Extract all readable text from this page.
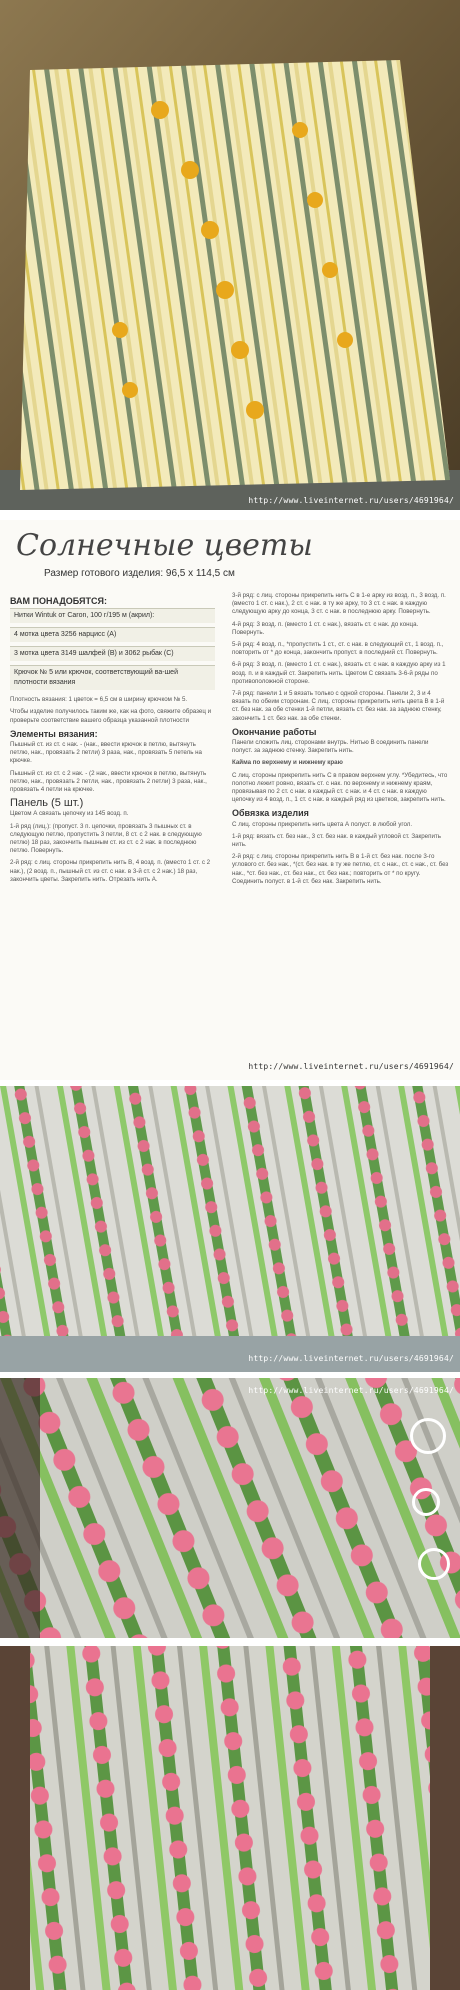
http://www.liveinternet.ru/users/4691964/
Солнечные цветы
Размер готового изделия: 96,5 х 114,5 см
ВАМ ПОНАДОБЯТСЯ:

Нитки Wintuk от Caron, 100 г/195 м (акрил):

4 мотка цвета 3256 нарцисс (А)

3 мотка цвета 3149 шалфей (В) и 3062 рыбак (С)

Крючок № 5 или крючок, соответствующий ва-шей плотности вязания

Плотность вязания: 1 цветок = 6,5 см в ширину крючком № 5.

Чтобы изделие получилось таким же, как на фото, свяжите образец и проверьте соответствие вашего образца указанной плотности

Элементы вязания:

Пышный ст. из ст. с нак. - (нак., ввести крючок в петлю, вытянуть петлю, нак., провязать 2 петли) 3 раза, нак., провязать 5 петель на крючке.

Пышный ст. из ст. с 2 нак. - (2 нак., ввести крючок в петлю, вытянуть петлю, нак., провязать 2 петли, нак., провязать 2 петли) 3 раза, нак., провязать 4 петли на крючке.

Панель (5 шт.)

Цветом А связать цепочку из 145 возд. п.

1-й ряд (лиц.): (пропуст. 3 п. цепочки, провязать 3 пышных ст. в следующую петлю, пропустить 3 петли, 8 ст. с 2 нак. в следующую петлю) 18 раз, закончить пышным ст. из ст. с 2 нак. в последнюю петлю. Повернуть.

2-й ряд: с лиц. стороны прикрепить нить В, 4 возд. п. (вместо 1 ст. с 2 нак.), (2 возд. п., пышный ст. из ст. с нак. в 3-й ст. с 2 нак.) 18 раз, закончить цветы. Закрепить нить. Отрезать нить А.

3-й ряд: с лиц. стороны прикрепить нить С в 1-е арку из возд. п., 3 возд. п. (вместо 1 ст. с нак.), 2 ст. с нак. в ту же арку, то 3 ст. с нак. в каждую следующую арку до конца, 3 ст. с нак. в последнюю арку. Повернуть.

4-й ряд: 3 возд. п. (вместо 1 ст. с нак.), вязать ст. с нак. до конца. Повернуть.

5-й ряд: 4 возд. п., *пропустить 1 ст., ст. с нак. в следующий ст., 1 возд. п., повторить от * до конца, закончить пропуст. в последний ст. Повернуть.

6-й ряд: 3 возд. п. (вместо 1 ст. с нак.), вязать ст. с нак. в каждую арку из 1 возд. п. и в каждый ст. Закрепить нить. Цветом С связать 3-6-й ряды по противоположной стороне.

7-й ряд: панели 1 и 5 вязать только с одной стороны. Панели 2, 3 и 4 вязать по обеим сторонам. С лиц. стороны прикрепить нить цвета В в 1-й ст. без нак. за обе стенки 1-й петли, вязать ст. без нак. за заднюю стенку, закончить 1 ст. без нак. за обе стенки.

Окончание работы

Панели сложить лиц. сторонами внутрь. Нитью В соединить панели полуст. за заднюю стенку. Закрепить нить.

Кайма по верхнему и нижнему краю

С лиц. стороны прикрепить нить С в правом верхнем углу. *Убедитесь, что полотно лежит ровно, вязать ст. с нак. по верхнему и нижнему краям, провязывая по 2 ст. с нак. в каждый ст. с нак. и 4 ст. с нак. в каждую цепочку из 4 возд. п., 1 ст. с нак. в каждый ряд из цветков, закрепить нить.

Обвязка изделия

С лиц. стороны прикрепить нить цвета А полуст. в любой угол.

1-й ряд: вязать ст. без нак., 3 ст. без нак. в каждый угловой ст. Закрепить нить.

2-й ряд: с лиц. стороны прикрепить нить В в 1-й ст. без нак. после 3-го углового ст. без нак., *(ст. без нак. в ту же петлю, ст. с нак., ст. с нак., ст. без нак., *ст. без нак., ст. без нак., ст. без нак.; повторить от * по кругу. Соединить полуст. в 1-й ст. без нак. Закрепить нить.

http://www.liveinternet.ru/users/4691964/
http://www.liveinternet.ru/users/4691964/
http://www.liveinternet.ru/users/4691964/
